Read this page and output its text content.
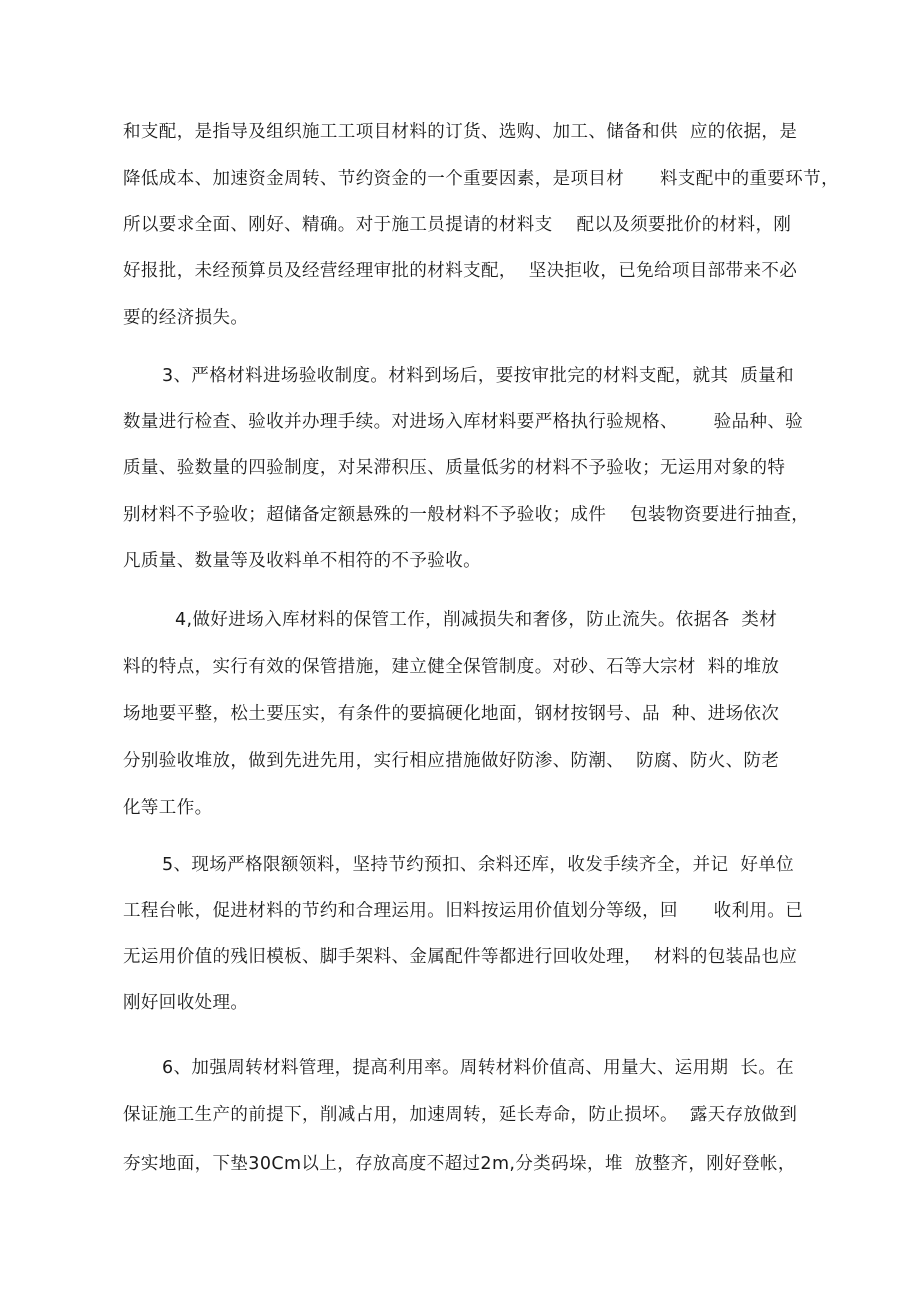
和支配，是指导及组织施工工项目材料的订货、选购、加工、储备和供  应的依据，是
降低成本、加速资金周转、节约资金的一个重要因素，是项目材      料支配中的重要环节，
所以要求全面、刚好、精确。对于施工员提请的材料支    配以及须要批价的材料，刚
好报批，未经预算员及经营经理审批的材料支配，  坚决拒收，已免给项目部带来不必
要的经济损失。
3、严格材料进场验收制度。材料到场后，要按审批完的材料支配，就其  质量和
数量进行检查、验收并办理手续。对进场入库材料要严格执行验规格、      验品种、验
质量、验数量的四验制度，对呆滞积压、质量低劣的材料不予验收；无运用对象的特
别材料不予验收；超储备定额悬殊的一般材料不予验收；成件    包装物资要进行抽查，
凡质量、数量等及收料单不相符的不予验收。
4,做好进场入库材料的保管工作，削减损失和奢侈，防止流失。依据各  类材
料的特点，实行有效的保管措施，建立健全保管制度。对砂、石等大宗材  料的堆放
场地要平整，松土要压实，有条件的要搞硬化地面，钢材按钢号、品  种、进场依次
分别验收堆放，做到先进先用，实行相应措施做好防渗、防潮、  防腐、防火、防老
化等工作。
5、现场严格限额领料，坚持节约预扣、余料还库，收发手续齐全，并记  好单位
工程台帐，促进材料的节约和合理运用。旧料按运用价值划分等级，回      收利用。已
无运用价值的残旧模板、脚手架料、金属配件等都进行回收处理，  材料的包装品也应
刚好回收处理。
6、加强周转材料管理，提高利用率。周转材料价值高、用量大、运用期  长。在
保证施工生产的前提下，削减占用，加速周转，延长寿命，防止损坏。  露天存放做到
夯实地面，下垫30Cm以上，存放高度不超过2m,分类码垛，堆  放整齐，刚好登帐，
